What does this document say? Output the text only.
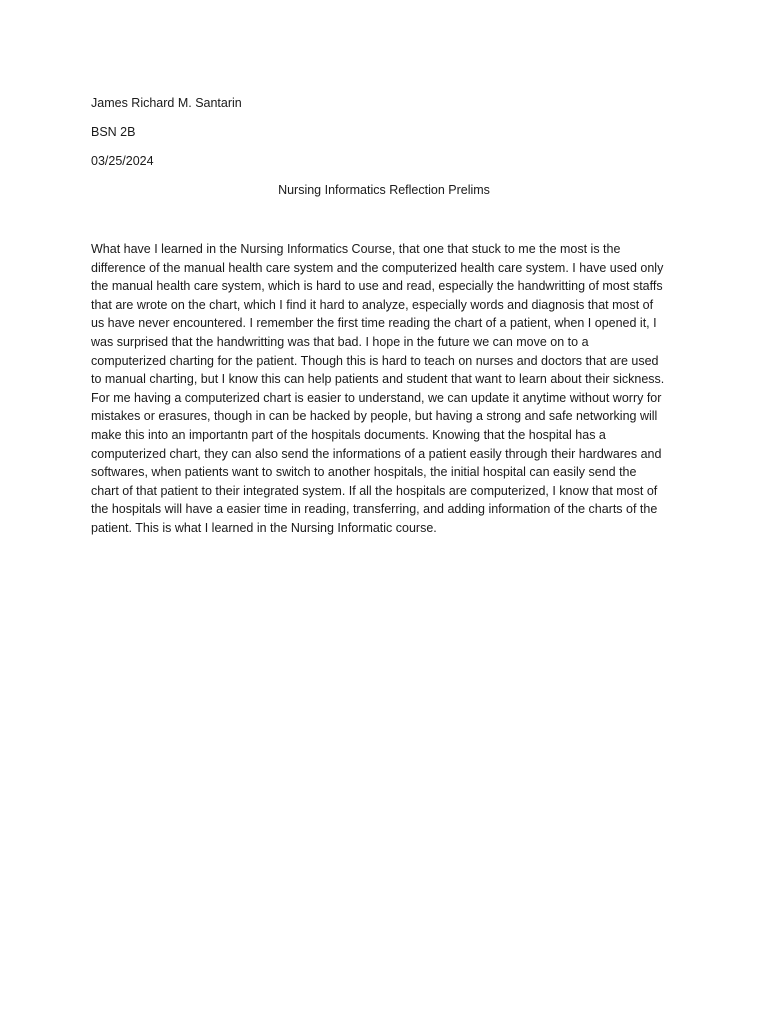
James Richard M. Santarin
BSN 2B
03/25/2024
Nursing Informatics Reflection Prelims
What have I learned in the Nursing Informatics Course, that one that stuck to me the most is the
difference of the manual health care system and the computerized health care system. I have used only
the manual health care system, which is hard to use and read, especially the handwritting of most staffs
that are wrote on the chart, which I find it hard to analyze, especially words and diagnosis that most of
us have never encountered. I remember the first time reading the chart of a patient, when I opened it, I
was surprised that the handwritting was that bad. I hope in the future we can move on to a
computerized charting for the patient. Though this is hard to teach on nurses and doctors that are used
to manual charting, but I know this can help patients and student that want to learn about their sickness.
For me having a computerized chart is easier to understand, we can update it anytime without worry for
mistakes or erasures, though in can be hacked by people, but having a strong and safe networking will
make this into an importantn part of the hospitals documents. Knowing that the hospital has a
computerized chart, they can also send the informations of a patient easily through their hardwares and
softwares, when patients want to switch to another hospitals, the initial hospital can easily send the
chart of that patient to their integrated system. If all the hospitals are computerized, I know that most of
the hospitals will have a easier time in reading, transferring, and adding information of the charts of the
patient. This is what I learned in the Nursing Informatic course.
